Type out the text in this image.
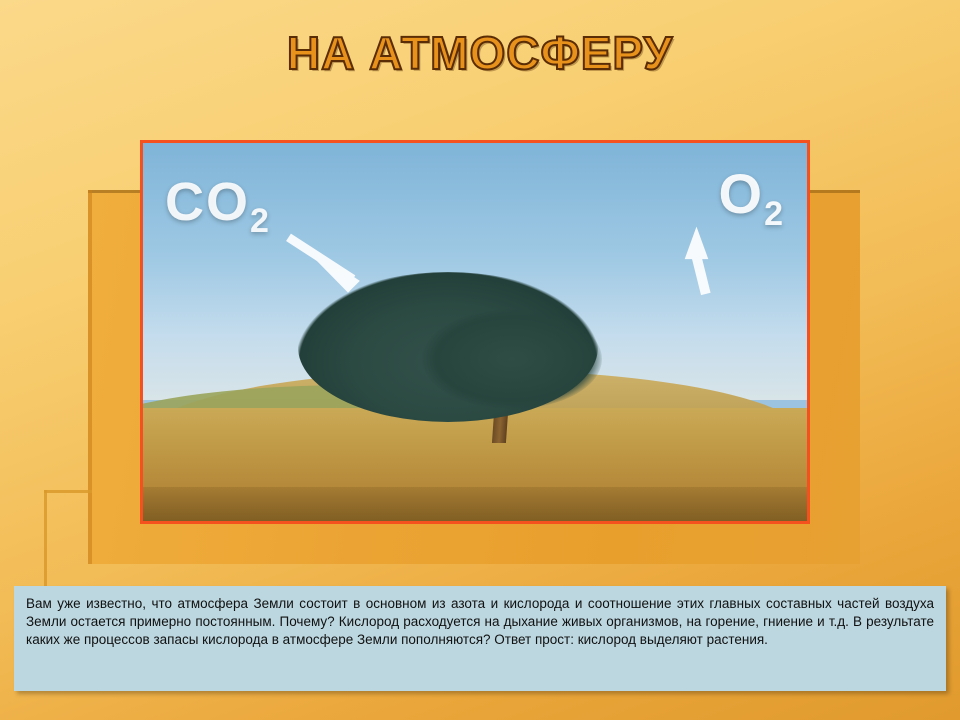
НА АТМОСФЕРУ
$CO_2$	$O_2$
Вам уже известно, что атмосфера Земли состоит в основном из азота и кислорода и соотношение этих главных составных частей воздуха Земли остается примерно постоянным. Почему? Кислород расходуется на дыхание живых организмов, на горение, гниение и т.д. В результате каких же процессов запасы кислорода в атмосфере Земли пополняются? Ответ прост: кислород выделяют растения.
